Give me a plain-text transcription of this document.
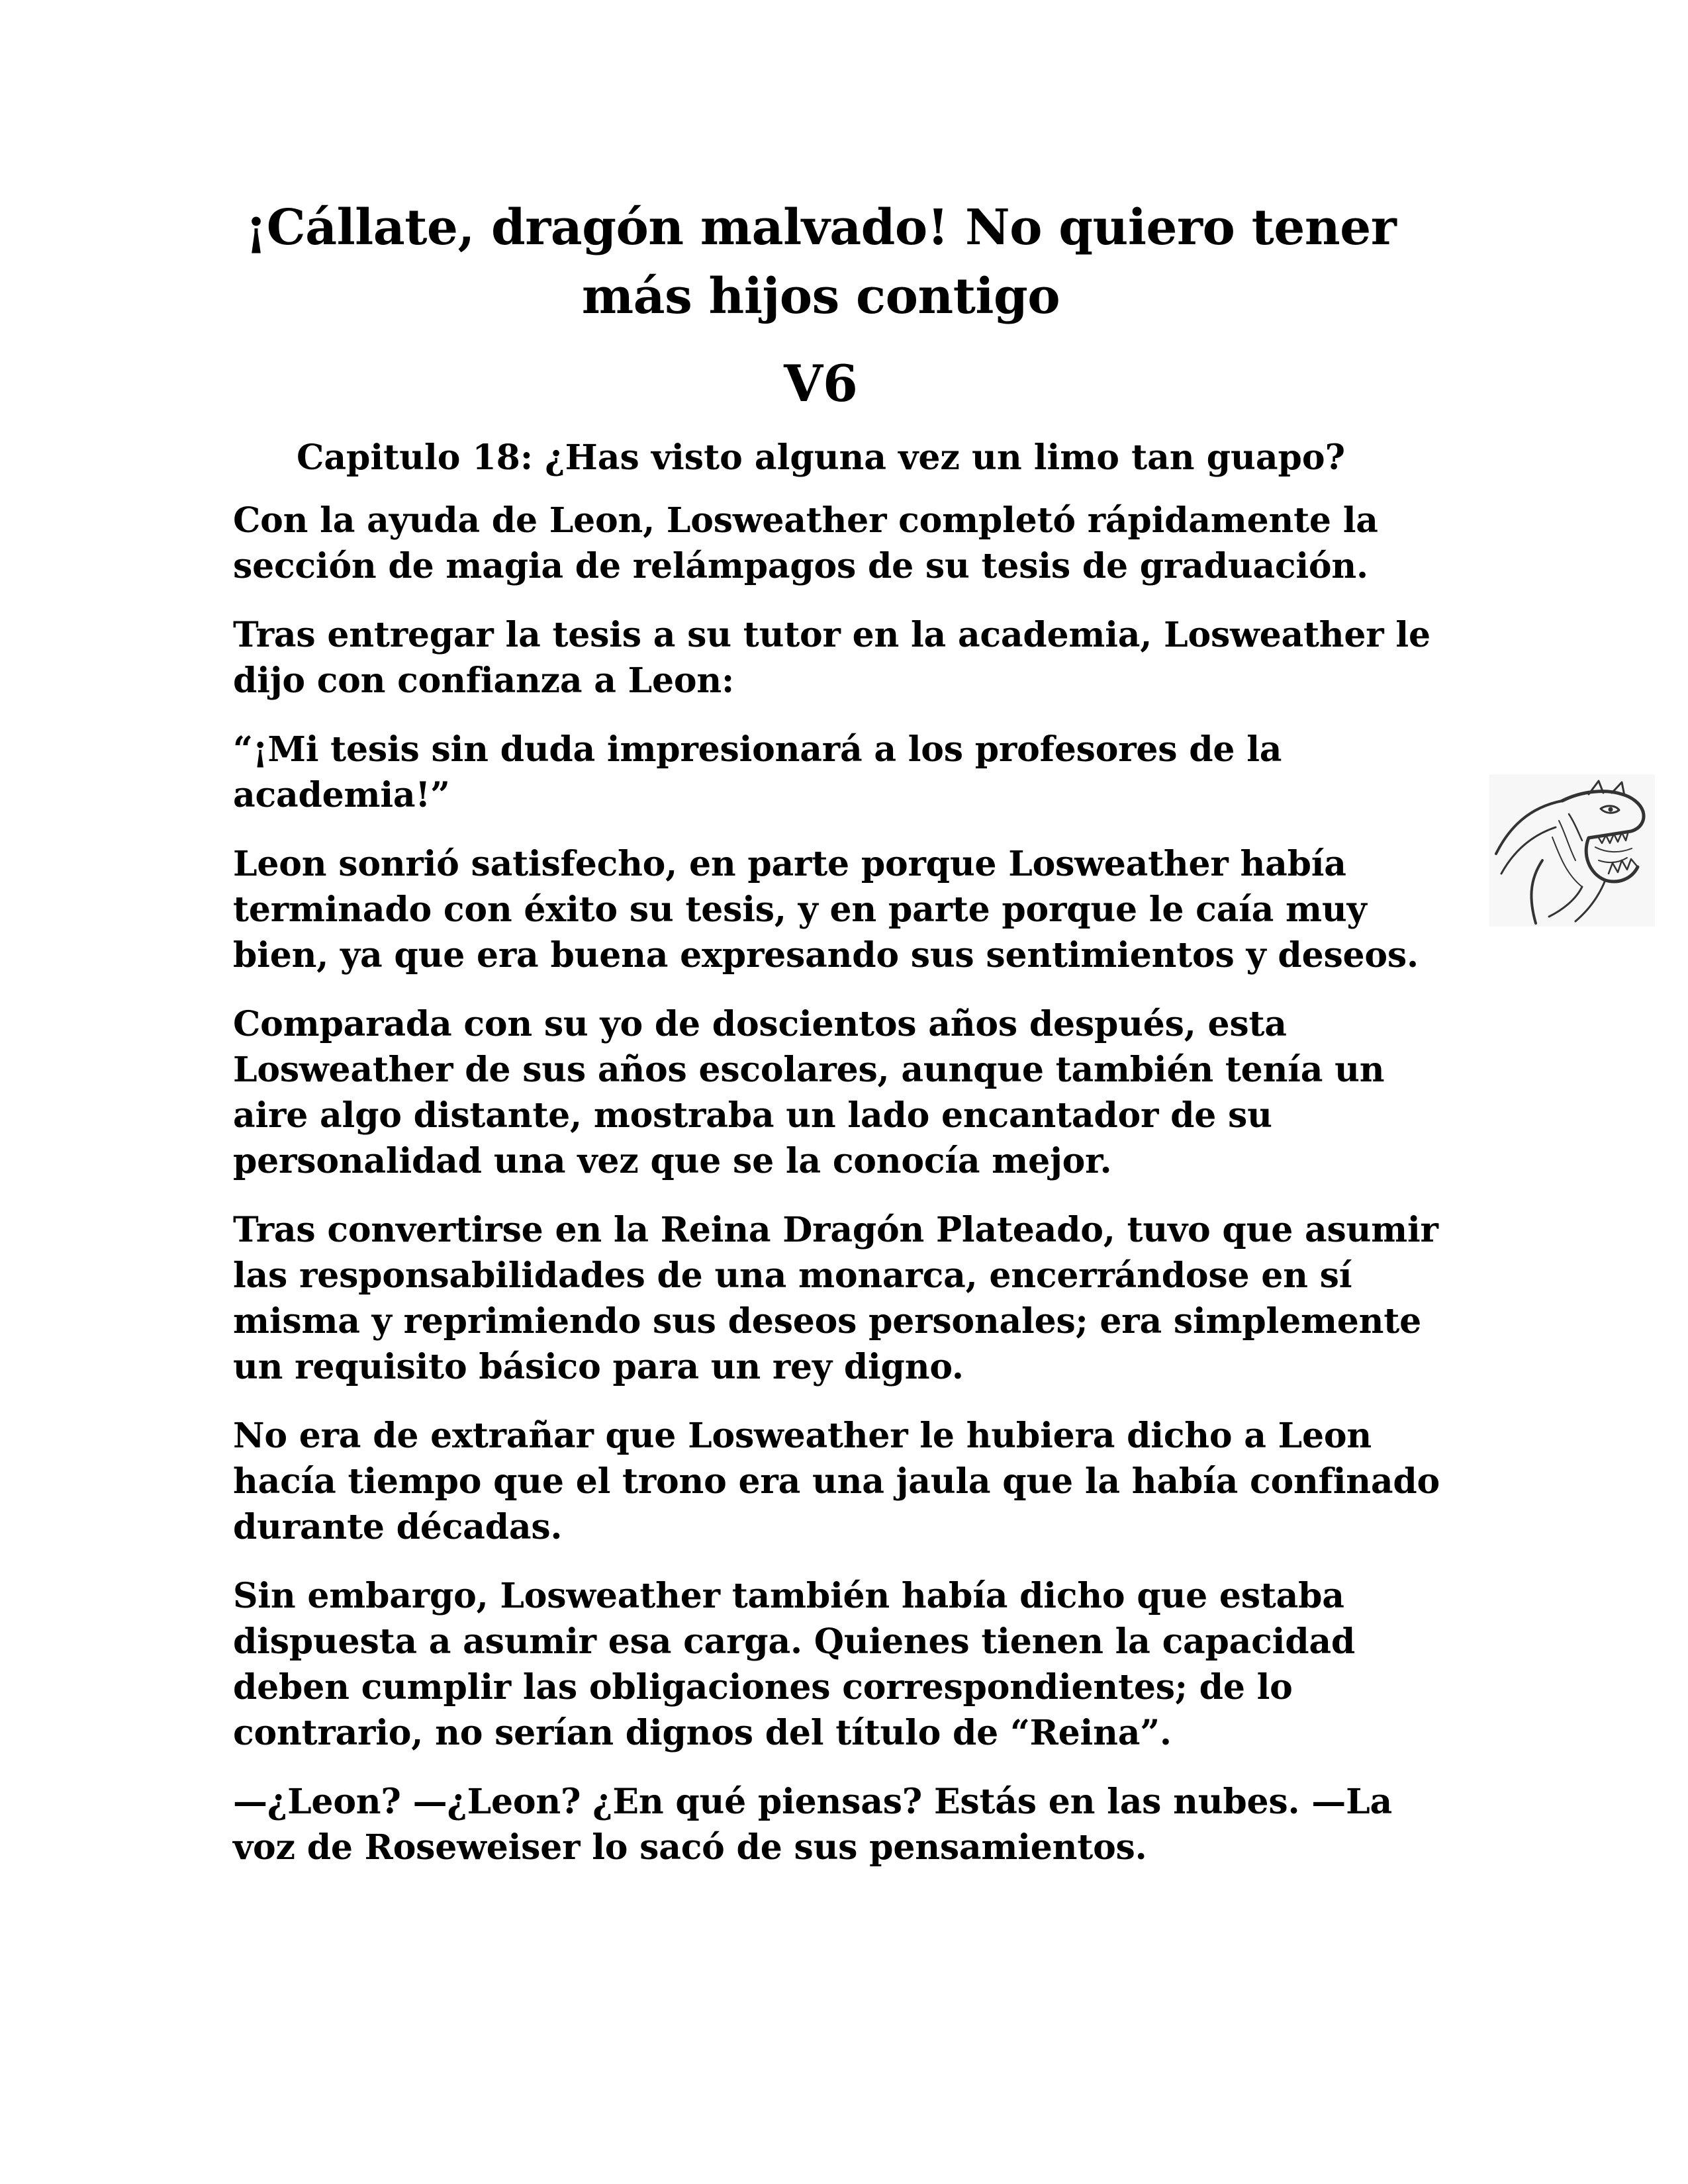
¡Cállate, dragón malvado! No quiero tener más hijos contigo
V6
Capitulo 18: ¿Has visto alguna vez un limo tan guapo?

Con la ayuda de Leon, Losweather completó rápidamente la sección de magia de relámpagos de su tesis de graduación.

Tras entregar la tesis a su tutor en la academia, Losweather le dijo con confianza a Leon:

“¡Mi tesis sin duda impresionará a los profesores de la academia!”

Leon sonrió satisfecho, en parte porque Losweather había terminado con éxito su tesis, y en parte porque le caía muy bien, ya que era buena expresando sus sentimientos y deseos.

Comparada con su yo de doscientos años después, esta Losweather de sus años escolares, aunque también tenía un aire algo distante, mostraba un lado encantador de su personalidad una vez que se la conocía mejor.

Tras convertirse en la Reina Dragón Plateado, tuvo que asumir las responsabilidades de una monarca, encerrándose en sí misma y reprimiendo sus deseos personales; era simplemente un requisito básico para un rey digno.

No era de extrañar que Losweather le hubiera dicho a Leon hacía tiempo que el trono era una jaula que la había confinado durante décadas.

Sin embargo, Losweather también había dicho que estaba dispuesta a asumir esa carga. Quienes tienen la capacidad deben cumplir las obligaciones correspondientes; de lo contrario, no serían dignos del título de “Reina”.

—¿Leon? —¿Leon? ¿En qué piensas? Estás en las nubes. —La voz de Roseweiser lo sacó de sus pensamientos.
